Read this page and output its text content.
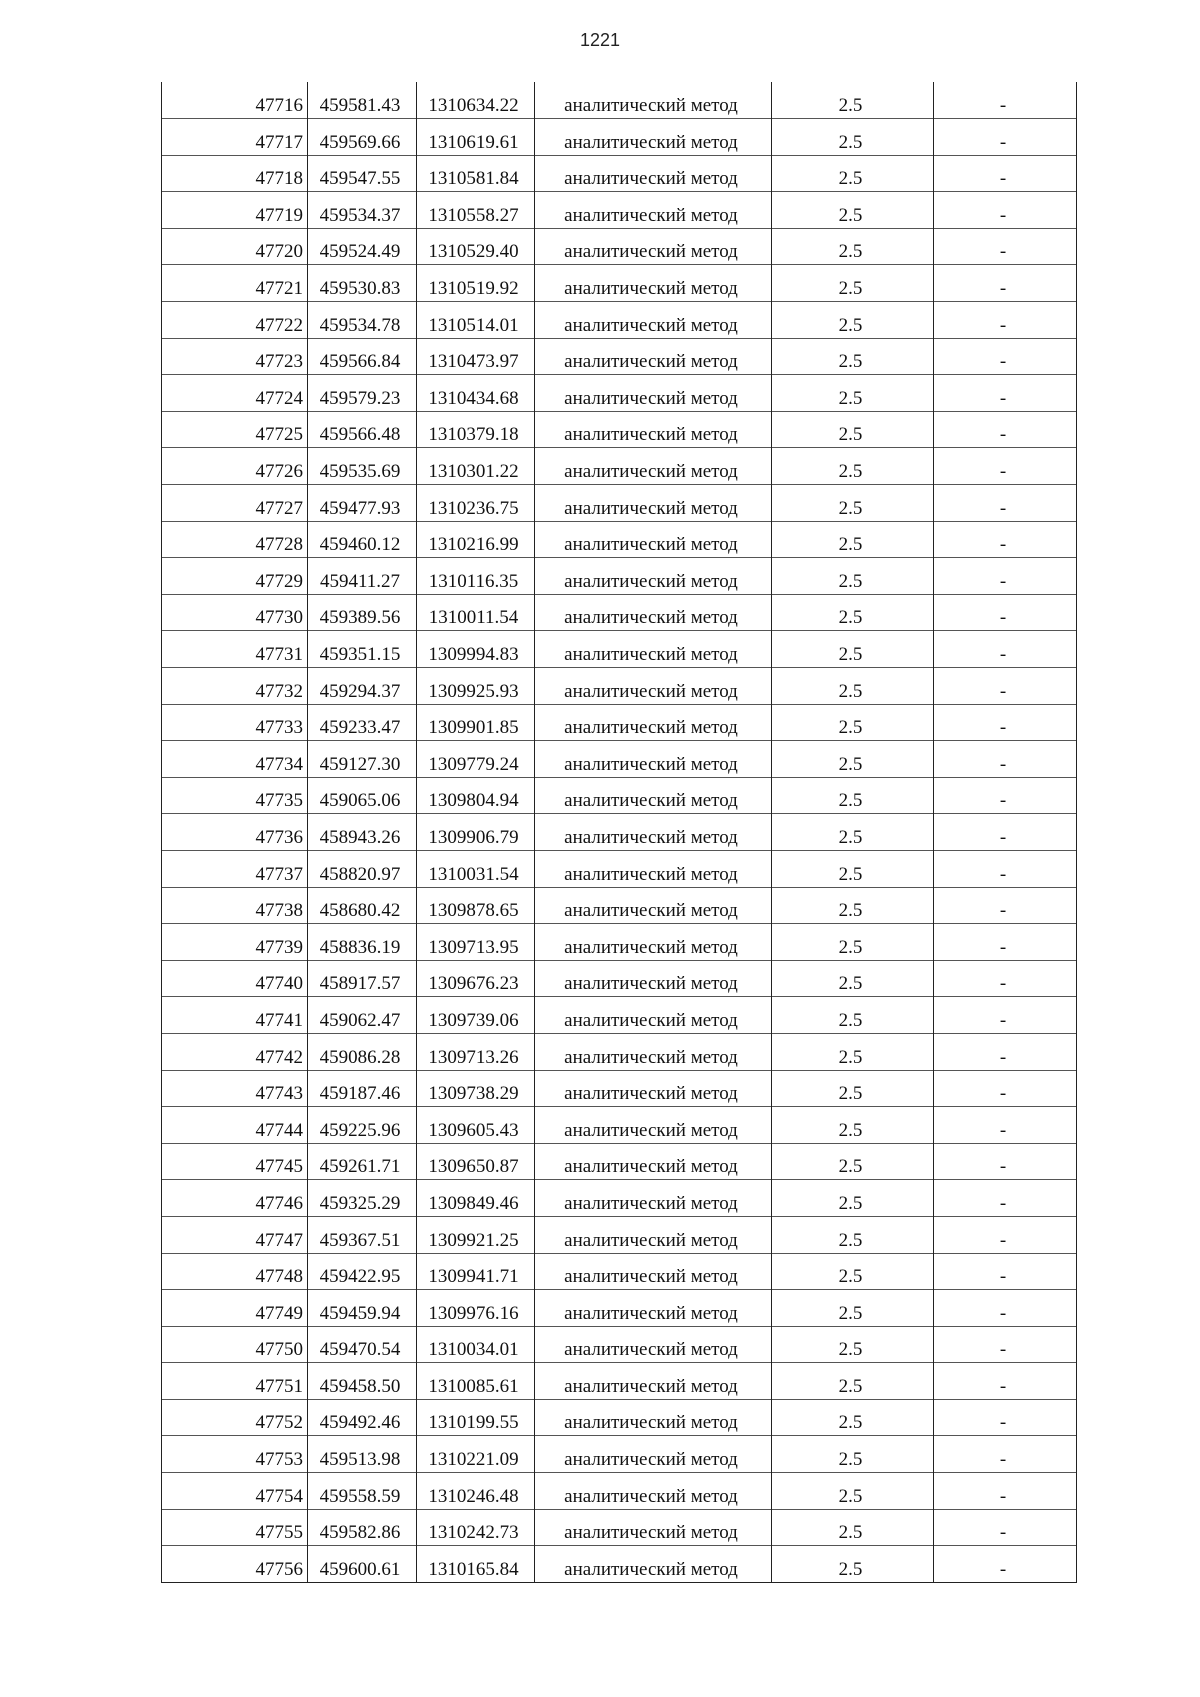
1221
47716	459581.43	1310634.22	аналитический метод	2.5	-
47717	459569.66	1310619.61	аналитический метод	2.5	-
47718	459547.55	1310581.84	аналитический метод	2.5	-
47719	459534.37	1310558.27	аналитический метод	2.5	-
47720	459524.49	1310529.40	аналитический метод	2.5	-
47721	459530.83	1310519.92	аналитический метод	2.5	-
47722	459534.78	1310514.01	аналитический метод	2.5	-
47723	459566.84	1310473.97	аналитический метод	2.5	-
47724	459579.23	1310434.68	аналитический метод	2.5	-
47725	459566.48	1310379.18	аналитический метод	2.5	-
47726	459535.69	1310301.22	аналитический метод	2.5	-
47727	459477.93	1310236.75	аналитический метод	2.5	-
47728	459460.12	1310216.99	аналитический метод	2.5	-
47729	459411.27	1310116.35	аналитический метод	2.5	-
47730	459389.56	1310011.54	аналитический метод	2.5	-
47731	459351.15	1309994.83	аналитический метод	2.5	-
47732	459294.37	1309925.93	аналитический метод	2.5	-
47733	459233.47	1309901.85	аналитический метод	2.5	-
47734	459127.30	1309779.24	аналитический метод	2.5	-
47735	459065.06	1309804.94	аналитический метод	2.5	-
47736	458943.26	1309906.79	аналитический метод	2.5	-
47737	458820.97	1310031.54	аналитический метод	2.5	-
47738	458680.42	1309878.65	аналитический метод	2.5	-
47739	458836.19	1309713.95	аналитический метод	2.5	-
47740	458917.57	1309676.23	аналитический метод	2.5	-
47741	459062.47	1309739.06	аналитический метод	2.5	-
47742	459086.28	1309713.26	аналитический метод	2.5	-
47743	459187.46	1309738.29	аналитический метод	2.5	-
47744	459225.96	1309605.43	аналитический метод	2.5	-
47745	459261.71	1309650.87	аналитический метод	2.5	-
47746	459325.29	1309849.46	аналитический метод	2.5	-
47747	459367.51	1309921.25	аналитический метод	2.5	-
47748	459422.95	1309941.71	аналитический метод	2.5	-
47749	459459.94	1309976.16	аналитический метод	2.5	-
47750	459470.54	1310034.01	аналитический метод	2.5	-
47751	459458.50	1310085.61	аналитический метод	2.5	-
47752	459492.46	1310199.55	аналитический метод	2.5	-
47753	459513.98	1310221.09	аналитический метод	2.5	-
47754	459558.59	1310246.48	аналитический метод	2.5	-
47755	459582.86	1310242.73	аналитический метод	2.5	-
47756	459600.61	1310165.84	аналитический метод	2.5	-
